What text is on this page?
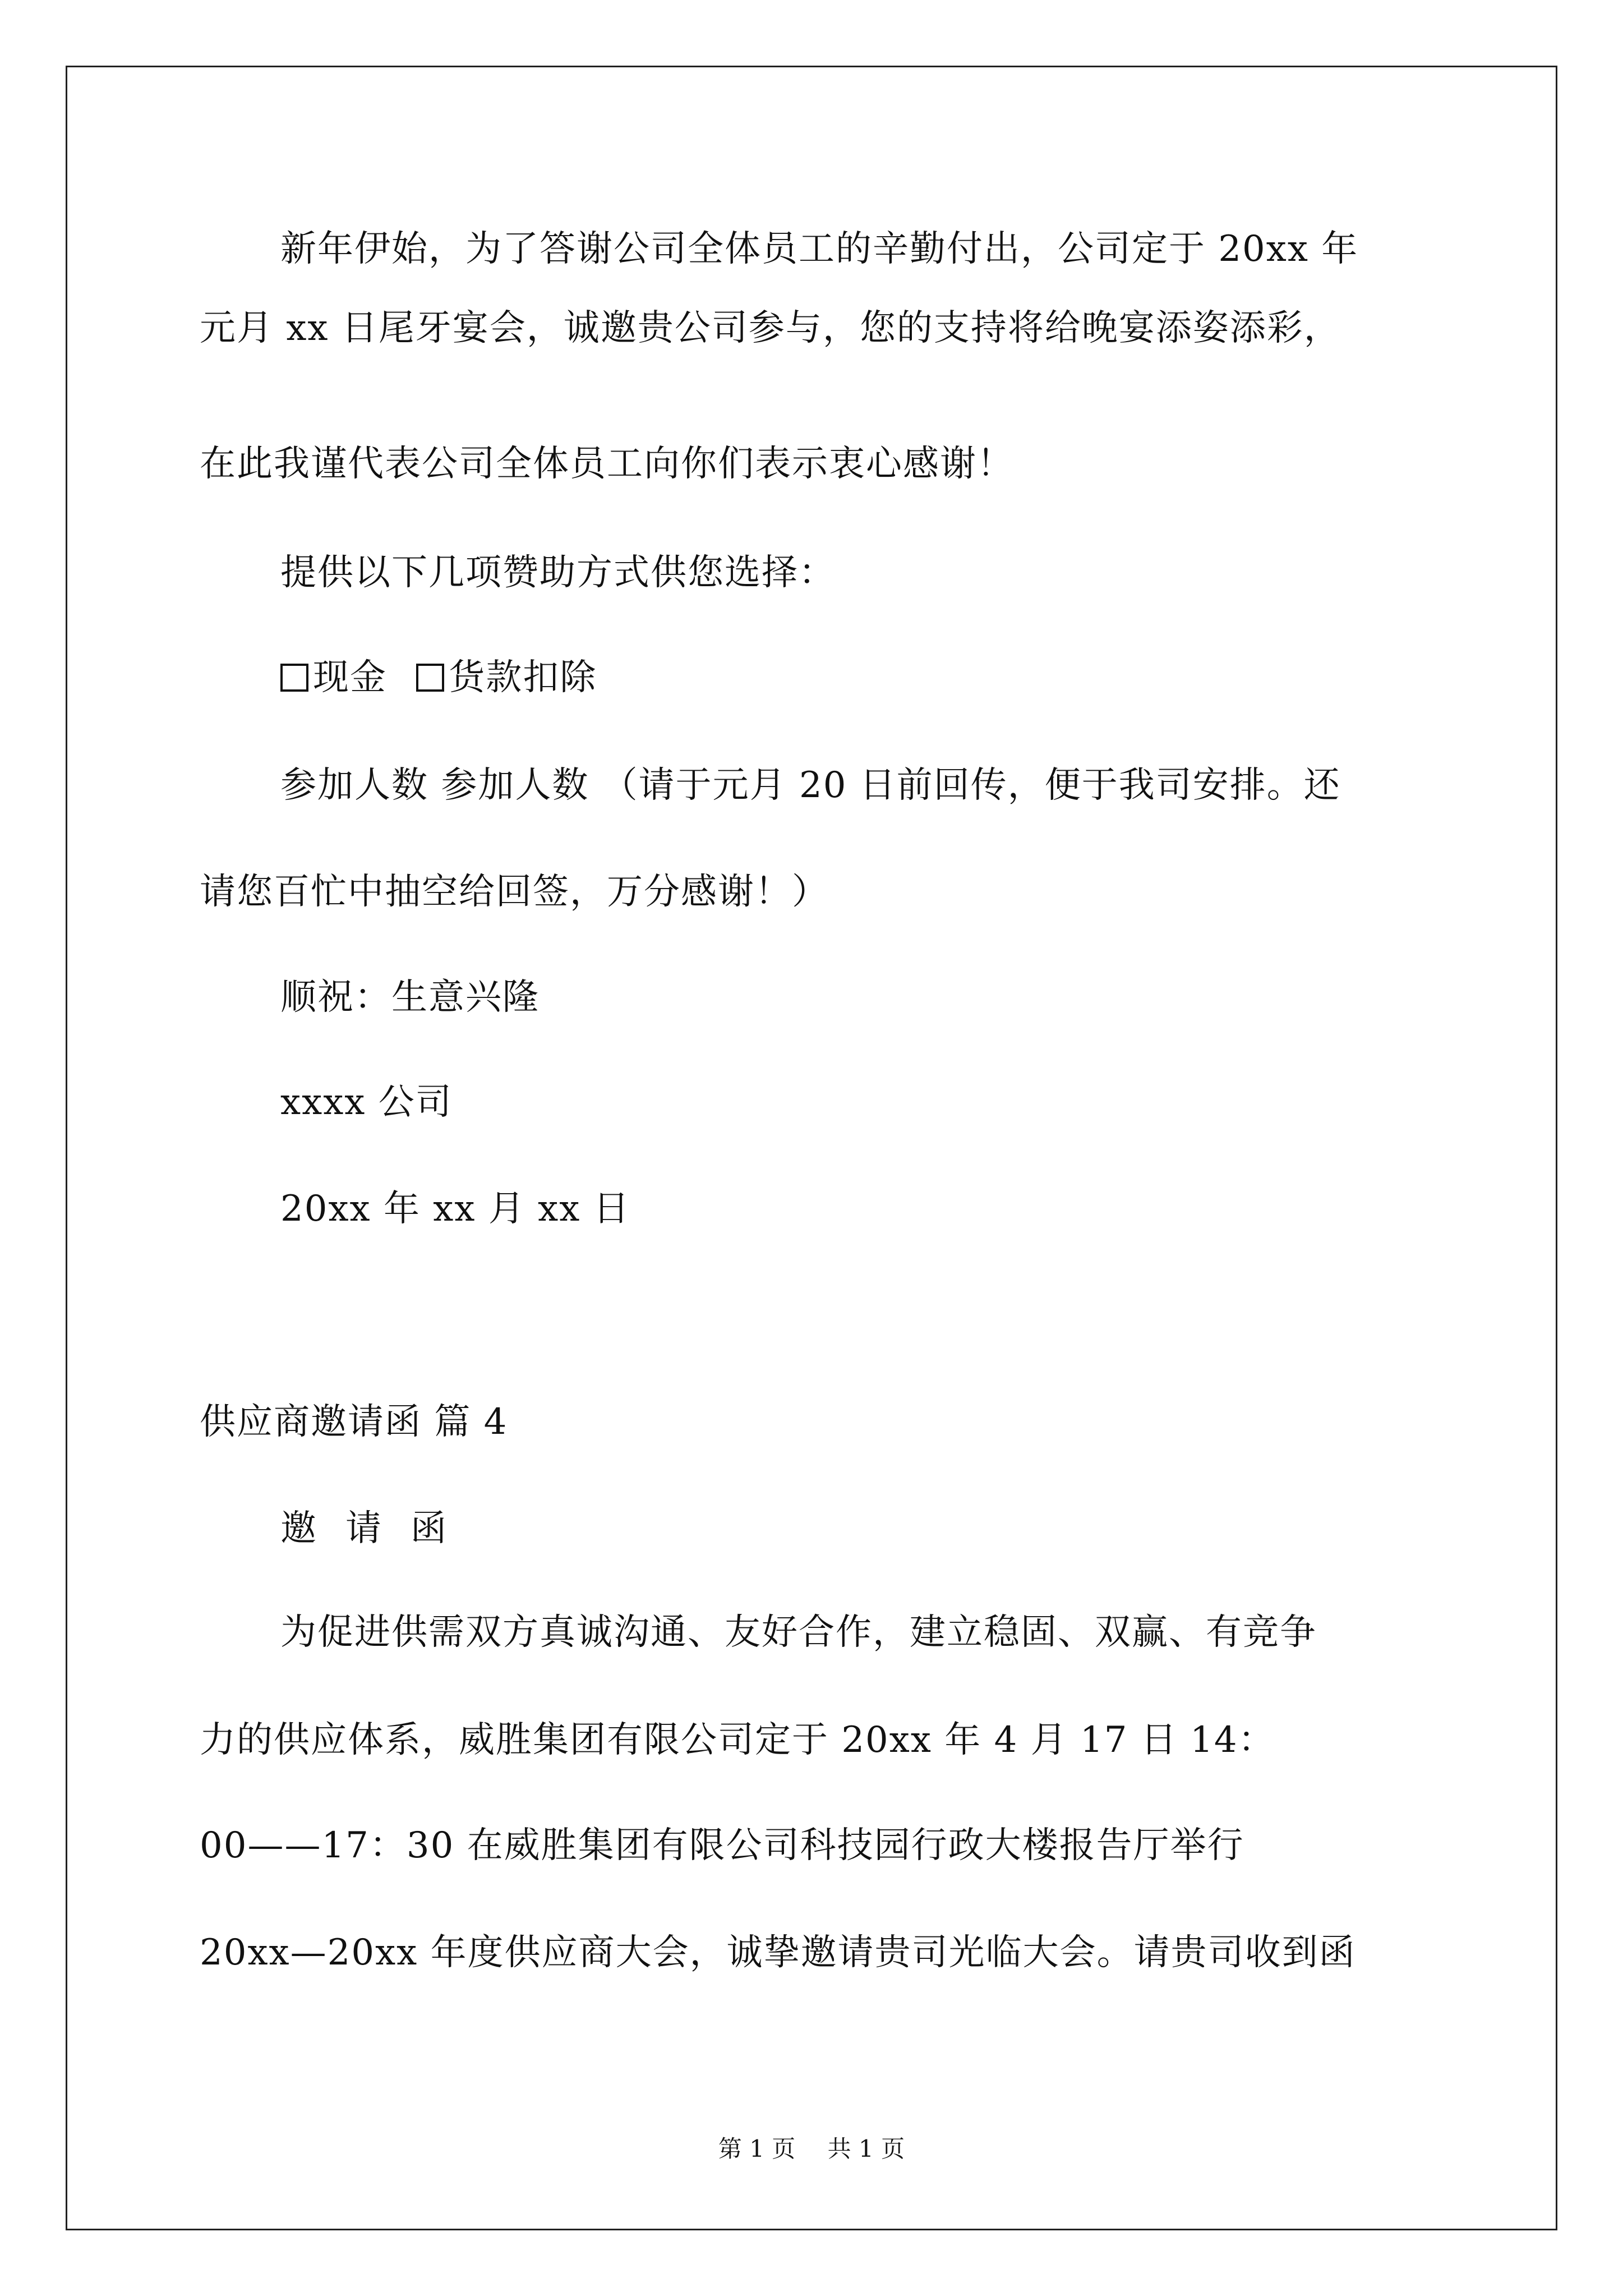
新年伊始，为了答谢公司全体员工的辛勤付出，公司定于 20xx 年
元月 xx 日尾牙宴会，诚邀贵公司参与，您的支持将给晚宴添姿添彩，
在此我谨代表公司全体员工向你们表示衷心感谢！
提供以下几项赞助方式供您选择：
现金 货款扣除
参加人数 参加人数 （请于元月 20 日前回传，便于我司安排。还
请您百忙中抽空给回签，万分感谢！）
顺祝：生意兴隆
xxxx 公司
20xx 年 xx 月 xx 日
供应商邀请函 篇 4
邀请函
为促进供需双方真诚沟通、友好合作，建立稳固、双赢、有竞争
力的供应体系，威胜集团有限公司定于 20xx 年 4 月 17 日 14：
00——17：30 在威胜集团有限公司科技园行政大楼报告厅举行
20xx—20xx 年度供应商大会，诚挚邀请贵司光临大会。请贵司收到函
第 1 页 共 1 页
